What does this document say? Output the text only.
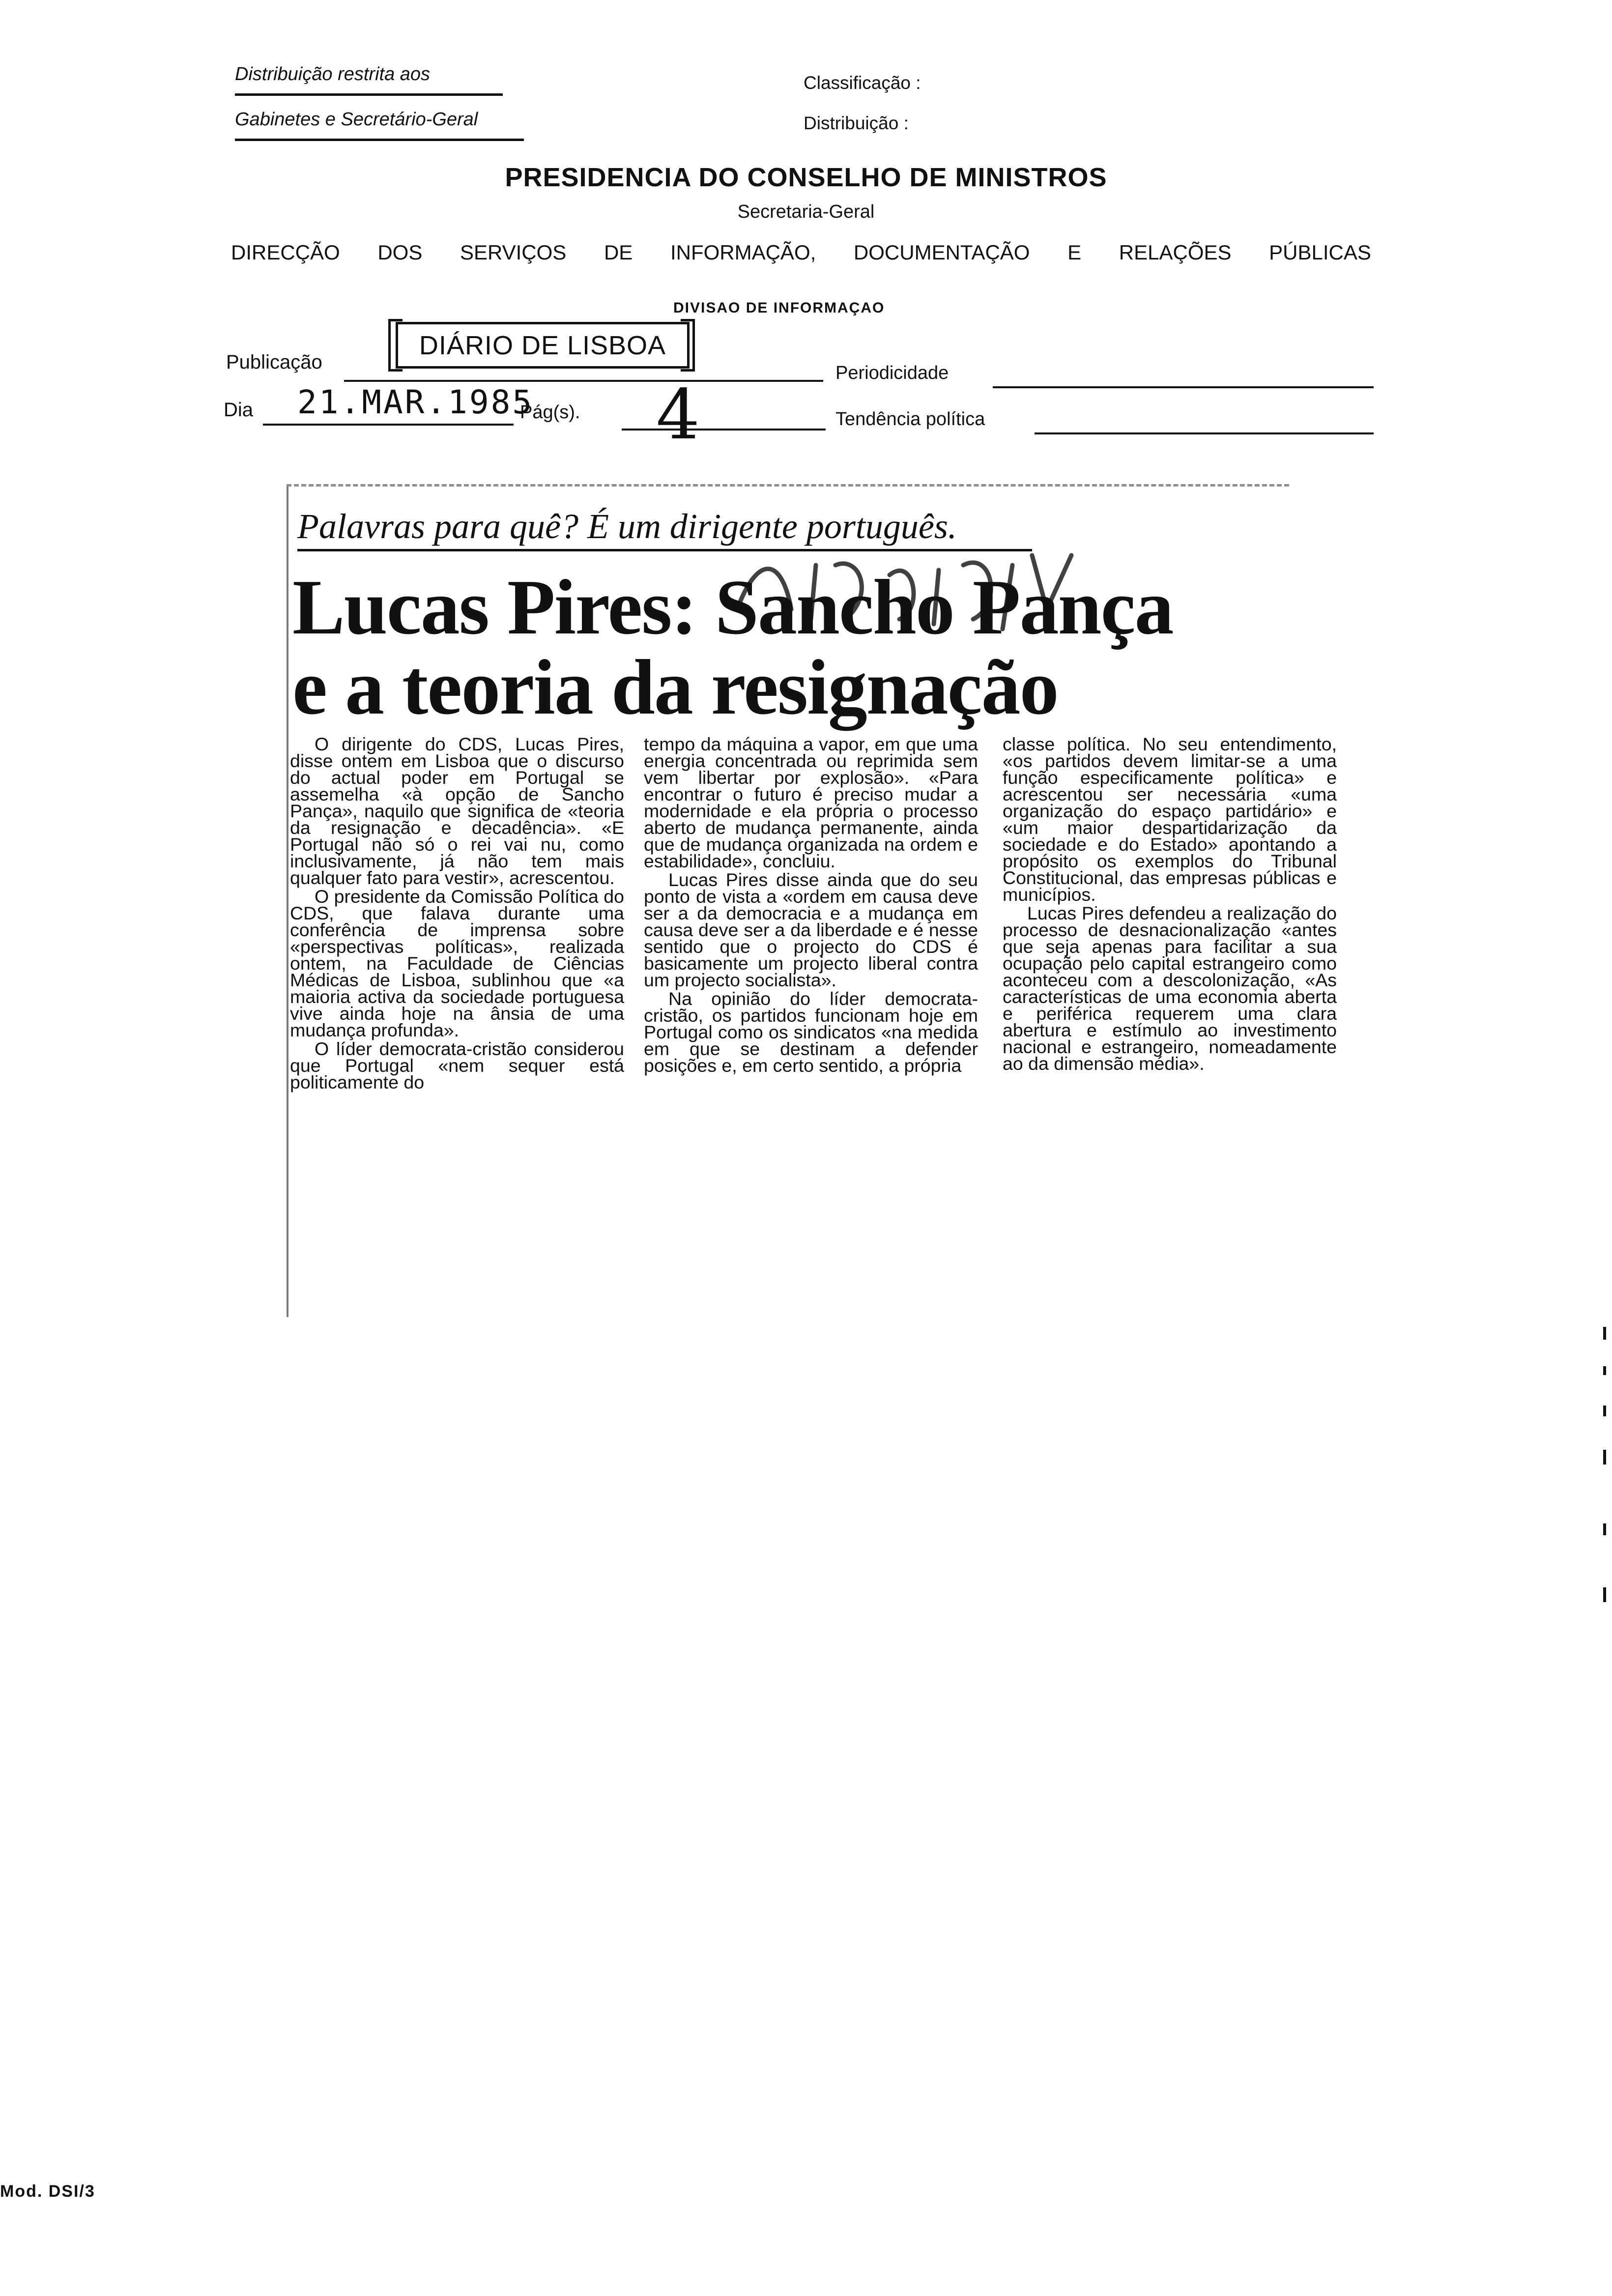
Distribuição restrita aos
Gabinetes e Secretário-Geral
Classificação :
Distribuição :
PRESIDENCIA DO CONSELHO DE MINISTROS
Secretaria-Geral
DIRECÇÃO DOS SERVIÇOS DE INFORMAÇÃO, DOCUMENTAÇÃO E RELAÇÕES PÚBLICAS
DIVISAO DE INFORMAÇAO
Publicação
DIÁRIO DE LISBOA
Periodicidade
Dia 21.MAR.1985
Pág(s). 4	Tendência política
Palavras para quê? É um dirigente português.
Lucas Pires: Sancho Pança
e a teoria da resignação

O dirigente do CDS, Lucas Pires, disse ontem em Lisboa que o discurso do actual poder em Portugal se assemelha «à opção de Sancho Pança», naquilo que significa de «teoria da resignação e decadência». «E Portugal não só o rei vai nu, como inclusivamente, já não tem mais qualquer fato para vestir», acrescentou.

O presidente da Comissão Política do CDS, que falava durante uma conferência de imprensa sobre «perspectivas políticas», realizada ontem, na Faculdade de Ciências Médicas de Lisboa, sublinhou que «a maioria activa da sociedade portuguesa vive ainda hoje na ânsia de uma mudança profunda».

O líder democrata-cristão considerou que Portugal «nem sequer está politicamente do

tempo da máquina a vapor, em que uma energia concentrada ou reprimida sem vem libertar por explosão». «Para encontrar o futuro é preciso mudar a modernidade e ela própria o processo aberto de mudança permanente, ainda que de mudança organizada na ordem e estabilidade», concluiu.

Lucas Pires disse ainda que do seu ponto de vista a «ordem em causa deve ser a da democracia e a mudança em causa deve ser a da liberdade e é nesse sentido que o projecto do CDS é basicamente um projecto liberal contra um projecto socialista».

Na opinião do líder democrata-cristão, os partidos funcionam hoje em Portugal como os sindicatos «na medida em que se destinam a defender posições e, em certo sentido, a própria

classe política. No seu entendimento, «os partidos devem limitar-se a uma função especificamente política» e acrescentou ser necessária «uma organização do espaço partidário» e «um maior despartidarização da sociedade e do Estado» apontando a propósito os exemplos do Tribunal Constitucional, das empresas públicas e municípios.

Lucas Pires defendeu a realização do processo de desnacionalização «antes que seja apenas para facilitar a sua ocupação pelo capital estrangeiro como aconteceu com a descolonização, «As características de uma economia aberta e periférica requerem uma clara abertura e estímulo ao investimento nacional e estrangeiro, nomeadamente ao da dimensão média».

Mod. DSI/3
